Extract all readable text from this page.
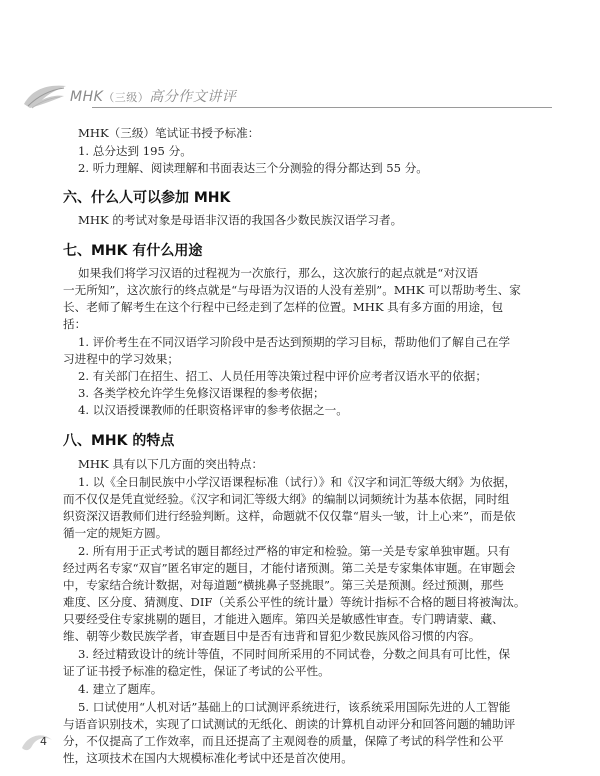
MHK（三级）高分作文讲评
MHK（三级）笔试证书授予标准：
1. 总分达到 195 分。
2. 听力理解、阅读理解和书面表达三个分测验的得分都达到 55 分。
六、什么人可以参加 MHK
MHK 的考试对象是母语非汉语的我国各少数民族汉语学习者。
七、MHK 有什么用途
如果我们将学习汉语的过程视为一次旅行，那么，这次旅行的起点就是“对汉语
一无所知”，这次旅行的终点就是“与母语为汉语的人没有差别”。MHK 可以帮助考生、家
长、老师了解考生在这个行程中已经走到了怎样的位置。MHK 具有多方面的用途，包
括：
1. 评价考生在不同汉语学习阶段中是否达到预期的学习目标，帮助他们了解自己在学
习进程中的学习效果；
2. 有关部门在招生、招工、人员任用等决策过程中评价应考者汉语水平的依据；
3. 各类学校允许学生免修汉语课程的参考依据；
4. 以汉语授课教师的任职资格评审的参考依据之一。
八、MHK 的特点
MHK 具有以下几方面的突出特点：
1. 以《全日制民族中小学汉语课程标准（试行）》和《汉字和词汇等级大纲》为依据，
而不仅仅是凭直觉经验。《汉字和词汇等级大纲》的编制以词频统计为基本依据，同时组
织资深汉语教师们进行经验判断。这样，命题就不仅仅靠“眉头一皱，计上心来”，而是依
循一定的规矩方圆。
2. 所有用于正式考试的题目都经过严格的审定和检验。第一关是专家单独审题。只有
经过两名专家“双盲”匿名审定的题目，才能付诸预测。第二关是专家集体审题。在审题会
中，专家结合统计数据，对每道题“横挑鼻子竖挑眼”。第三关是预测。经过预测，那些
难度、区分度、猜测度、DIF（关系公平性的统计量）等统计指标不合格的题目将被淘汰。
只要经受住专家挑剔的题目，才能进入题库。第四关是敏感性审查。专门聘请蒙、藏、
维、朝等少数民族学者，审查题目中是否有违背和冒犯少数民族风俗习惯的内容。
3. 经过精致设计的统计等值，不同时间所采用的不同试卷，分数之间具有可比性，保
证了证书授予标准的稳定性，保证了考试的公平性。
4. 建立了题库。
5. 口试使用“人机对话”基础上的口试测评系统进行，该系统采用国际先进的人工智能
与语音识别技术，实现了口试测试的无纸化、朗读的计算机自动评分和回答问题的辅助评
分，不仅提高了工作效率，而且还提高了主观阅卷的质量，保障了考试的科学性和公平
性，这项技术在国内大规模标准化考试中还是首次使用。
4
